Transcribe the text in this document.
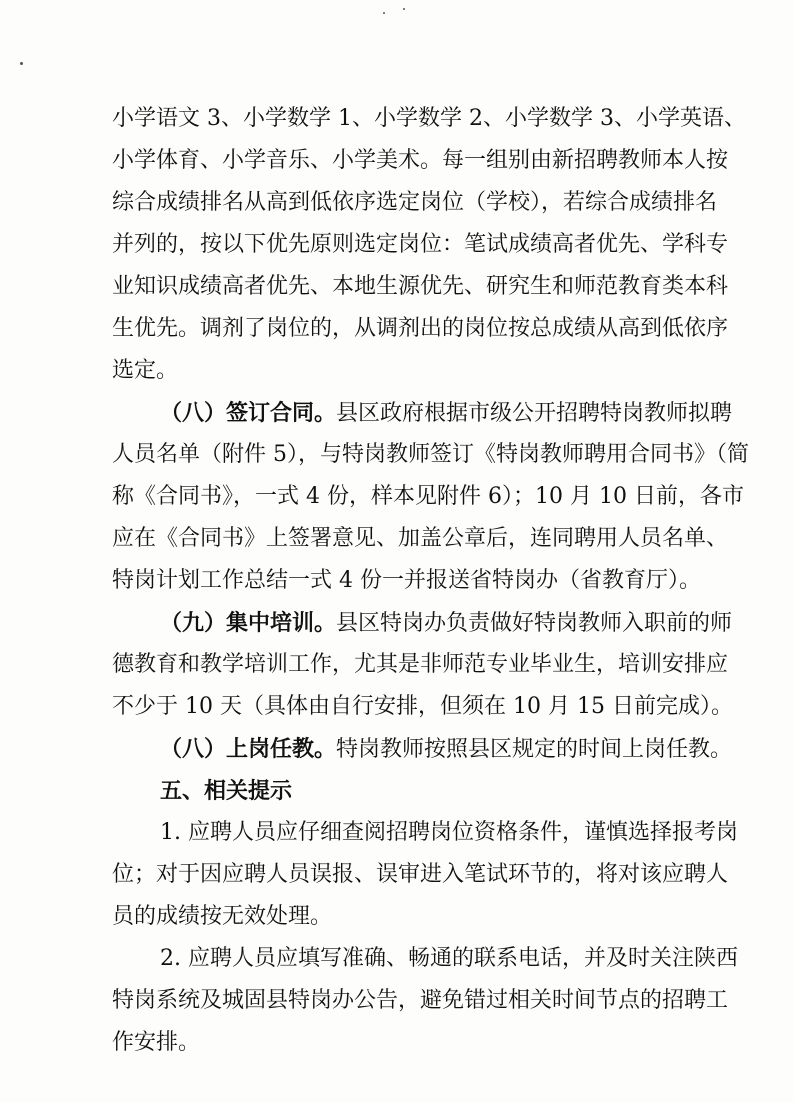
小学语文 3、小学数学 1、小学数学 2、小学数学 3、小学英语、
小学体育、小学音乐、小学美术。每一组别由新招聘教师本人按
综合成绩排名从高到低依序选定岗位（学校），若综合成绩排名
并列的，按以下优先原则选定岗位：笔试成绩高者优先、学科专
业知识成绩高者优先、本地生源优先、研究生和师范教育类本科
生优先。调剂了岗位的，从调剂出的岗位按总成绩从高到低依序
选定。
（八）签订合同。县区政府根据市级公开招聘特岗教师拟聘
人员名单（附件 5），与特岗教师签订《特岗教师聘用合同书》（简
称《合同书》，一式 4 份，样本见附件 6）；10 月 10 日前，各市
应在《合同书》上签署意见、加盖公章后，连同聘用人员名单、
特岗计划工作总结一式 4 份一并报送省特岗办（省教育厅）。
（九）集中培训。县区特岗办负责做好特岗教师入职前的师
德教育和教学培训工作，尤其是非师范专业毕业生，培训安排应
不少于 10 天（具体由自行安排，但须在 10 月 15 日前完成）。
（八）上岗任教。特岗教师按照县区规定的时间上岗任教。
五、相关提示
1. 应聘人员应仔细查阅招聘岗位资格条件，谨慎选择报考岗
位；对于因应聘人员误报、误审进入笔试环节的，将对该应聘人
员的成绩按无效处理。
2. 应聘人员应填写准确、畅通的联系电话，并及时关注陕西
特岗系统及城固县特岗办公告，避免错过相关时间节点的招聘工
作安排。
